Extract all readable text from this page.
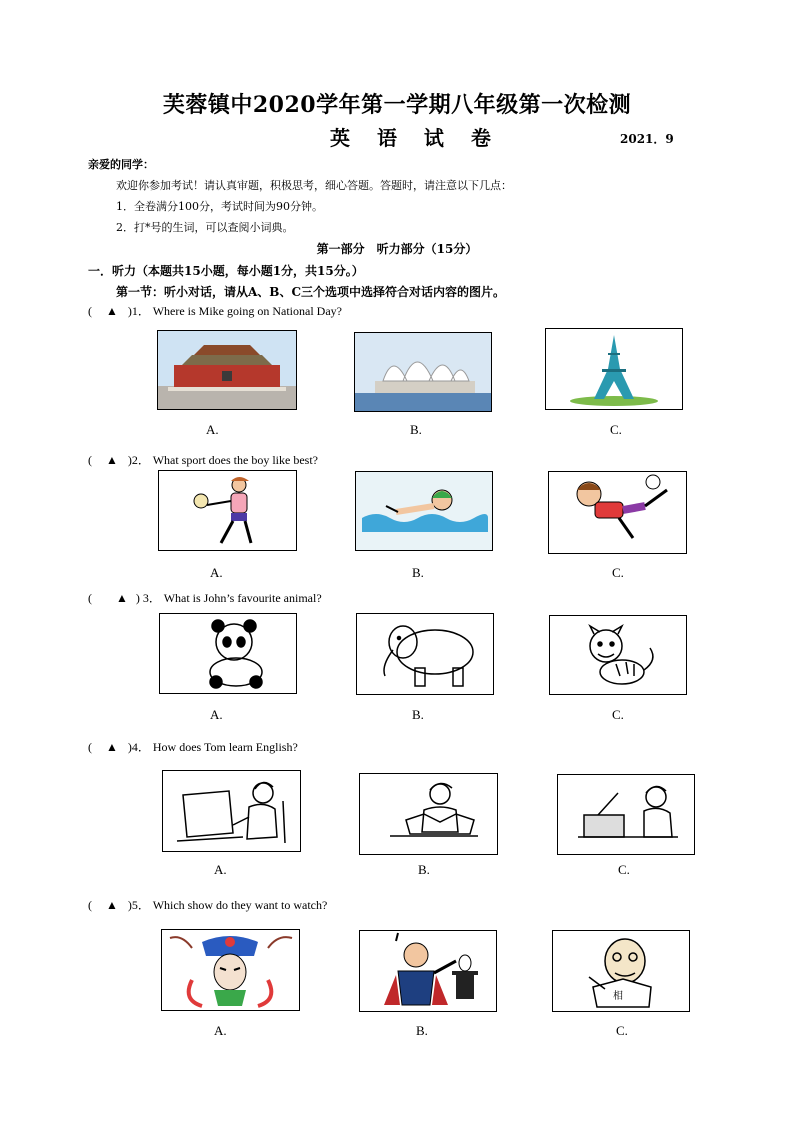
芙蓉镇中2020学年第一学期八年级第一次检测
英 语 试 卷	2021．9
亲爱的同学：
欢迎你参加考试！请认真审题，积极思考，细心答题。答题时，请注意以下几点：
1．全卷满分100分，考试时间为90分钟。
2．打*号的生词，可以查阅小词典。
第一部分　听力部分（15分）
一．听力（本题共15小题，每小题1分，共15分。）
第一节：听小对话，请从A、B、C三个选项中选择符合对话内容的图片。
( ▲ )1． Where is Mike going on National Day?
A.	B.	C.
( ▲ )2． What sport does the boy like best?
A.	B.	C.
( ▲ ) 3． What is John’s favourite animal?
A.	B.	C.
( ▲ )4． How does Tom learn English?
A.	B.	C.
( ▲ )5． Which show do they want to watch?
相
A.	B.	C.
